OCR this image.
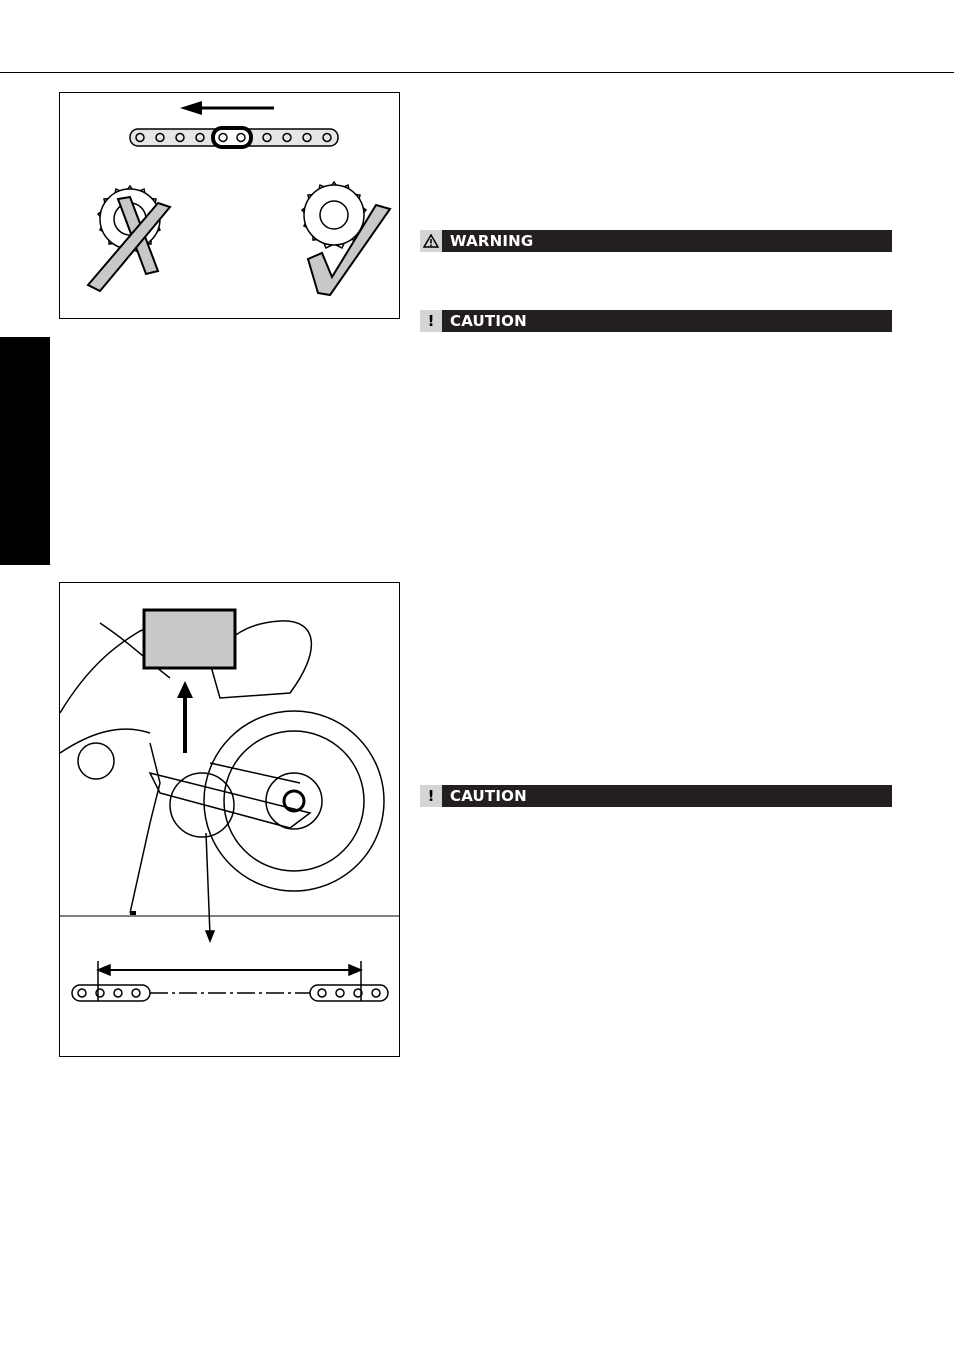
WARNING
!	CAUTION
!	CAUTION
